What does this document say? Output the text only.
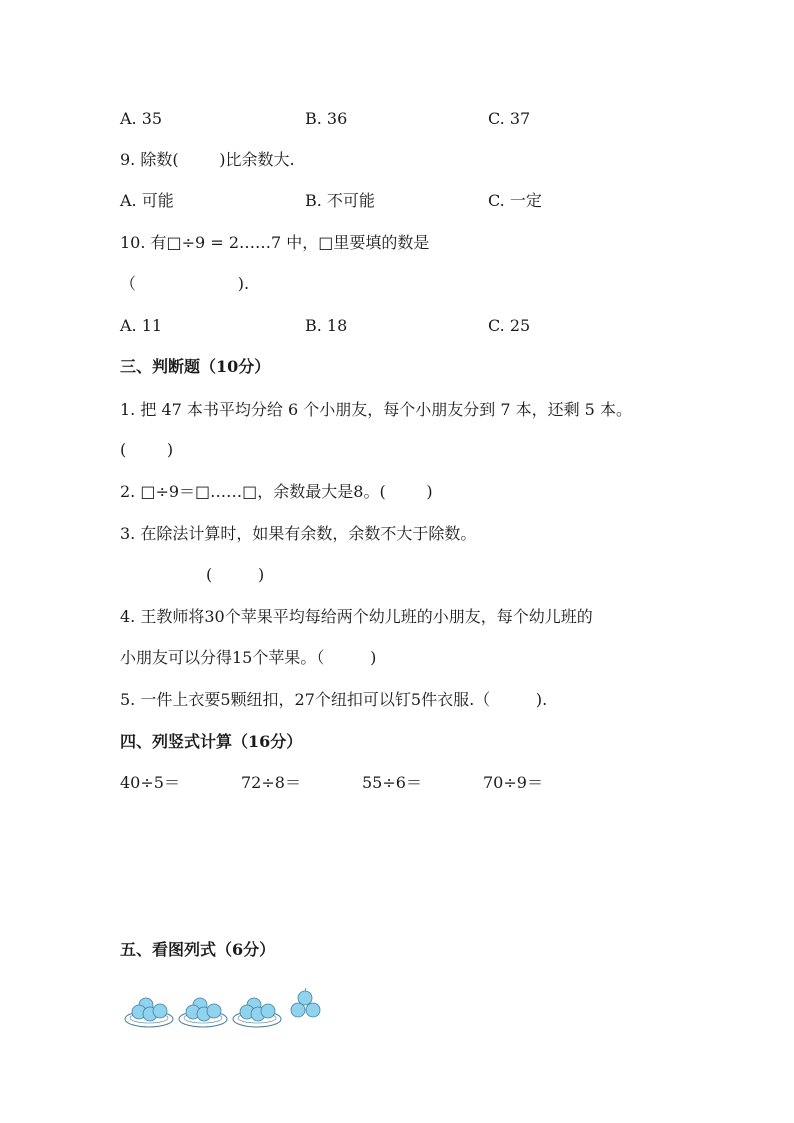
A. 35	B. 36	C. 37
9. 除数(        )比余数大.
A. 可能	B. 不可能	C. 一定
10. 有□÷9 = 2……7 中，□里要填的数是
（                    ).
A. 11	B. 18	C. 25
三、判断题（10分）
1. 把 47 本书平均分给 6 个小朋友，每个小朋友分到 7 本，还剩 5 本。
(        )
2. □÷9＝□……□，余数最大是8。(        )
3. 在除法计算时，如果有余数，余数不大于除数。
(         )
4. 王教师将30个苹果平均每给两个幼儿班的小朋友，每个幼儿班的
小朋友可以分得15个苹果。（         )
5. 一件上衣要5颗纽扣，27个纽扣可以钉5件衣服.（         ).
四、列竖式计算（16分）
40÷5＝	72÷8＝	55÷6＝	70÷9＝
五、看图列式（6分）
